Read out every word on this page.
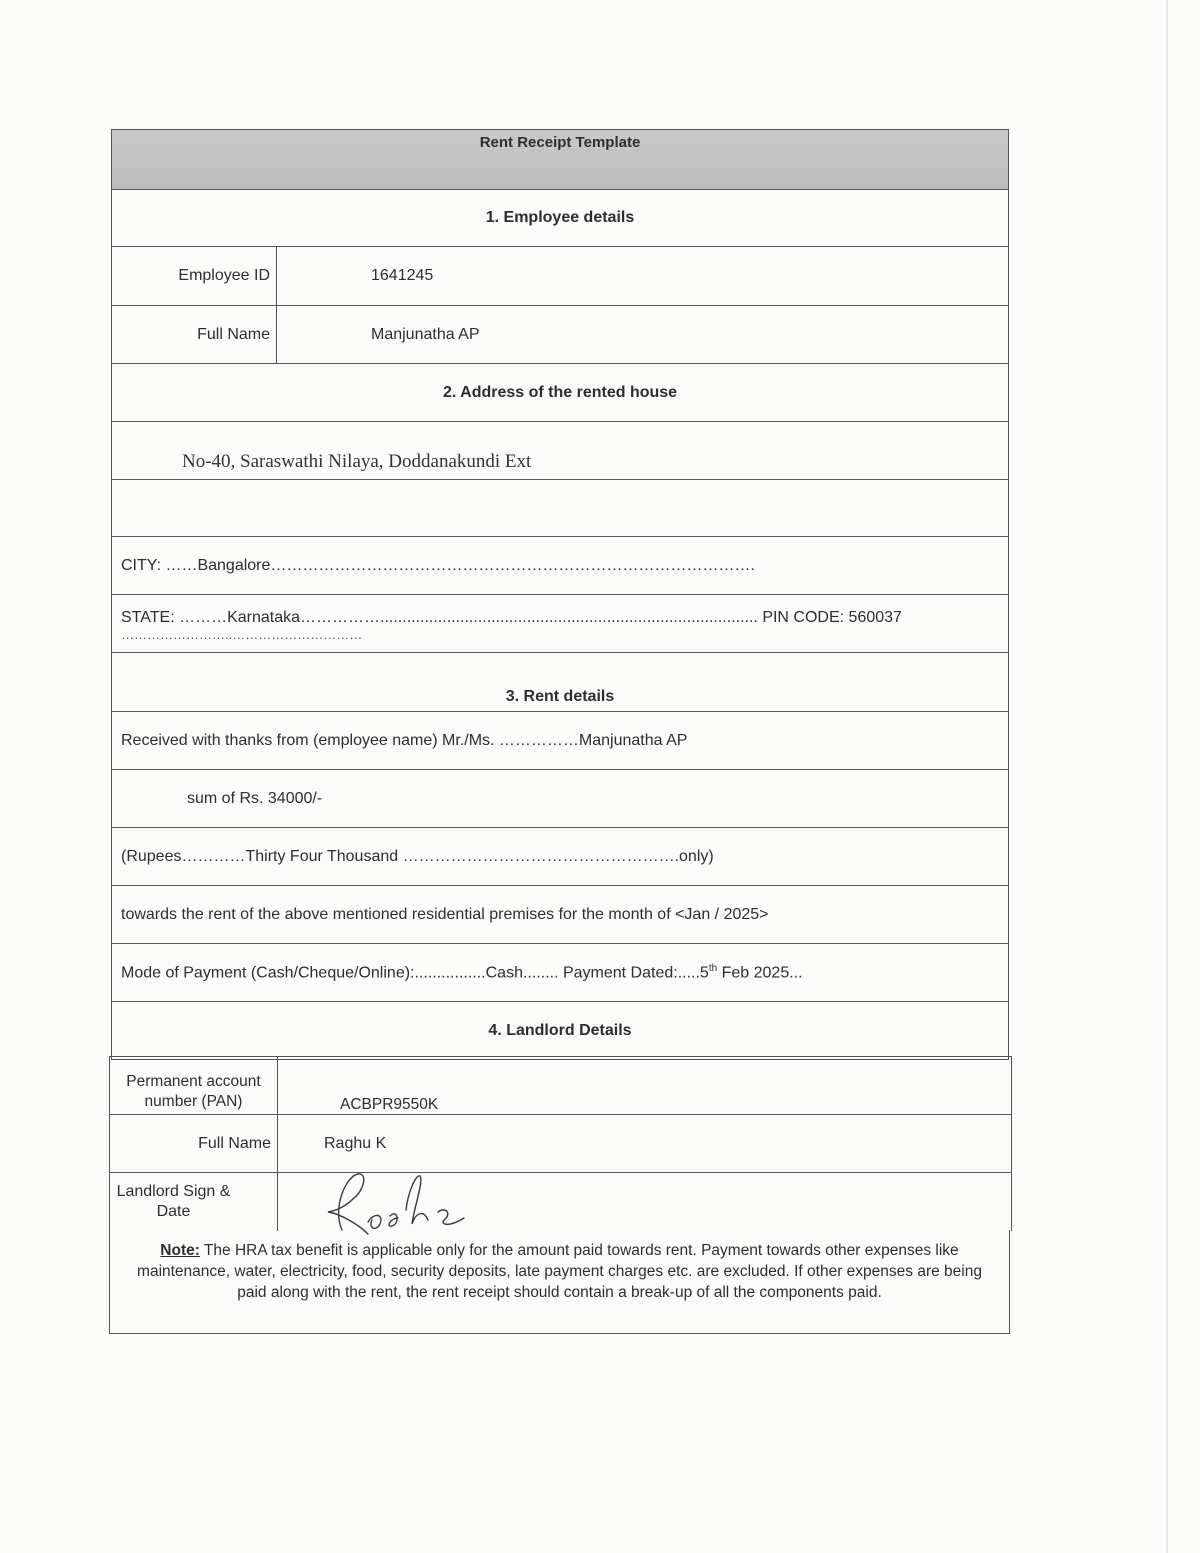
Rent Receipt Template
1. Employee details
Employee ID	1641245
Full Name	Manjunatha AP
2. Address of the rented house
No-40, Saraswathi Nilaya, Doddanakundi Ext
CITY: ……Bangalore……………………………………………………………………………….
STATE: ………Karnataka……………..................................................................................... PIN CODE: 560037
……………………..…………………………
3. Rent details
Received with thanks from (employee name) Mr./Ms. ……………Manjunatha AP
sum of Rs. 34000/-
(Rupees…………Thirty Four Thousand …………………………………………….only)
towards the rent of the above mentioned residential premises for the month of <Jan / 2025>
Mode of Payment (Cash/Cheque/Online):................Cash........ Payment Dated:.....5th Feb 2025...
4. Landlord Details
Permanent account number (PAN)	ACBPR9550K
Full Name	Raghu K
Landlord Sign & Date
Note: The HRA tax benefit is applicable only for the amount paid towards rent. Payment towards other expenses like maintenance, water, electricity, food, security deposits, late payment charges etc. are excluded. If other expenses are being paid along with the rent, the rent receipt should contain a break-up of all the components paid.
